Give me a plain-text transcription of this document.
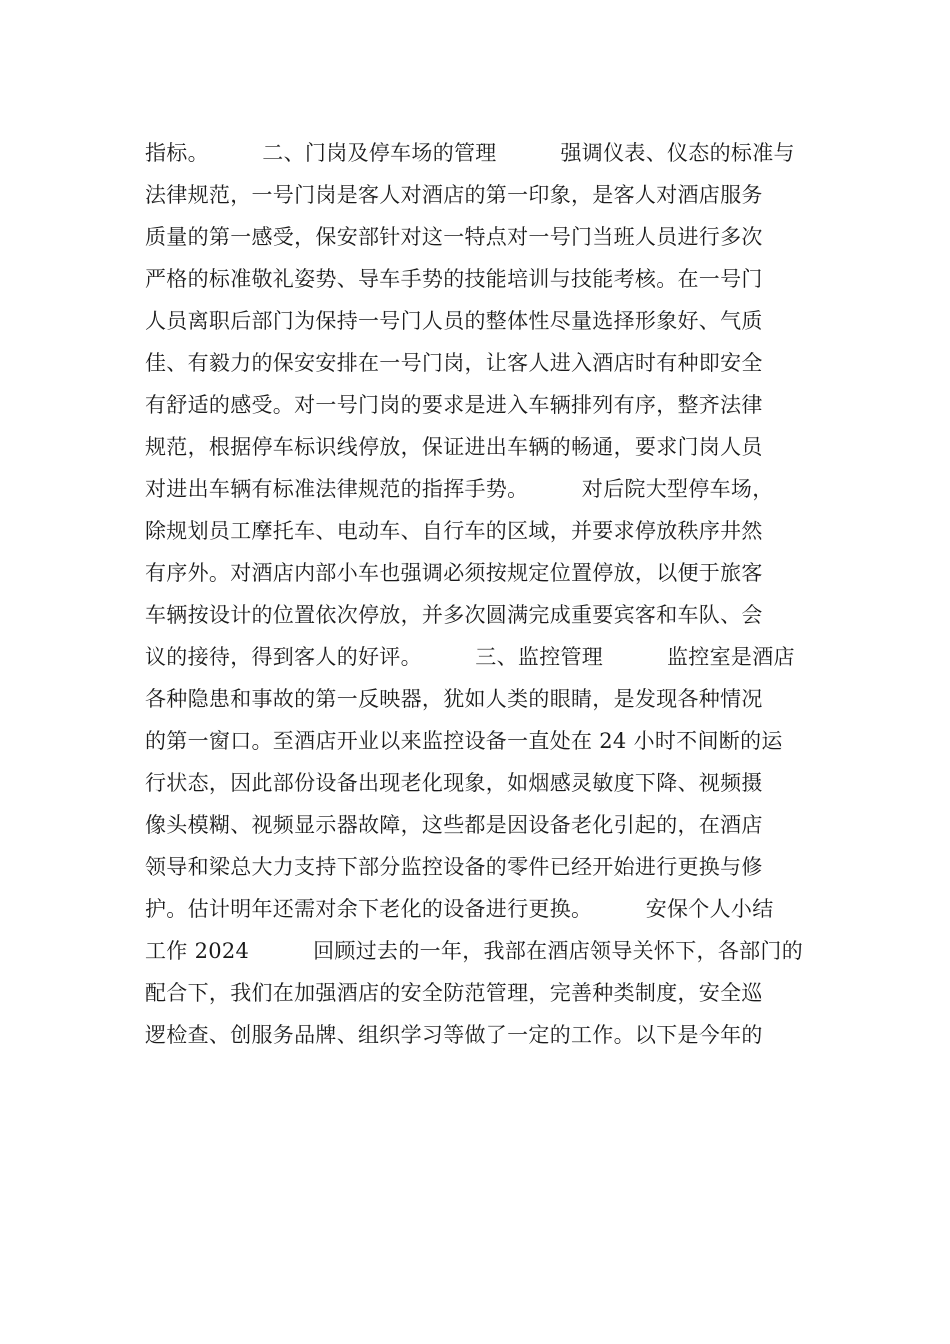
指标。　　　二、门岗及停车场的管理　　　强调仪表、仪态的标准与
法律规范，一号门岗是客人对酒店的第一印象，是客人对酒店服务
质量的第一感受，保安部针对这一特点对一号门当班人员进行多次
严格的标准敬礼姿势、导车手势的技能培训与技能考核。在一号门
人员离职后部门为保持一号门人员的整体性尽量选择形象好、气质
佳、有毅力的保安安排在一号门岗，让客人进入酒店时有种即安全
有舒适的感受。对一号门岗的要求是进入车辆排列有序，整齐法律
规范，根据停车标识线停放，保证进出车辆的畅通，要求门岗人员
对进出车辆有标准法律规范的指挥手势。　　　对后院大型停车场，
除规划员工摩托车、电动车、自行车的区域，并要求停放秩序井然
有序外。对酒店内部小车也强调必须按规定位置停放，以便于旅客
车辆按设计的位置依次停放，并多次圆满完成重要宾客和车队、会
议的接待，得到客人的好评。　　　三、监控管理　　　监控室是酒店
各种隐患和事故的第一反映器，犹如人类的眼睛，是发现各种情况
的第一窗口。至酒店开业以来监控设备一直处在 24 小时不间断的运
行状态，因此部份设备出现老化现象，如烟感灵敏度下降、视频摄
像头模糊、视频显示器故障，这些都是因设备老化引起的，在酒店
领导和梁总大力支持下部分监控设备的零件已经开始进行更换与修
护。估计明年还需对余下老化的设备进行更换。　　　安保个人小结
工作 2024　　　回顾过去的一年，我部在酒店领导关怀下，各部门的
配合下，我们在加强酒店的安全防范管理，完善种类制度，安全巡
逻检查、创服务品牌、组织学习等做了一定的工作。以下是今年的
